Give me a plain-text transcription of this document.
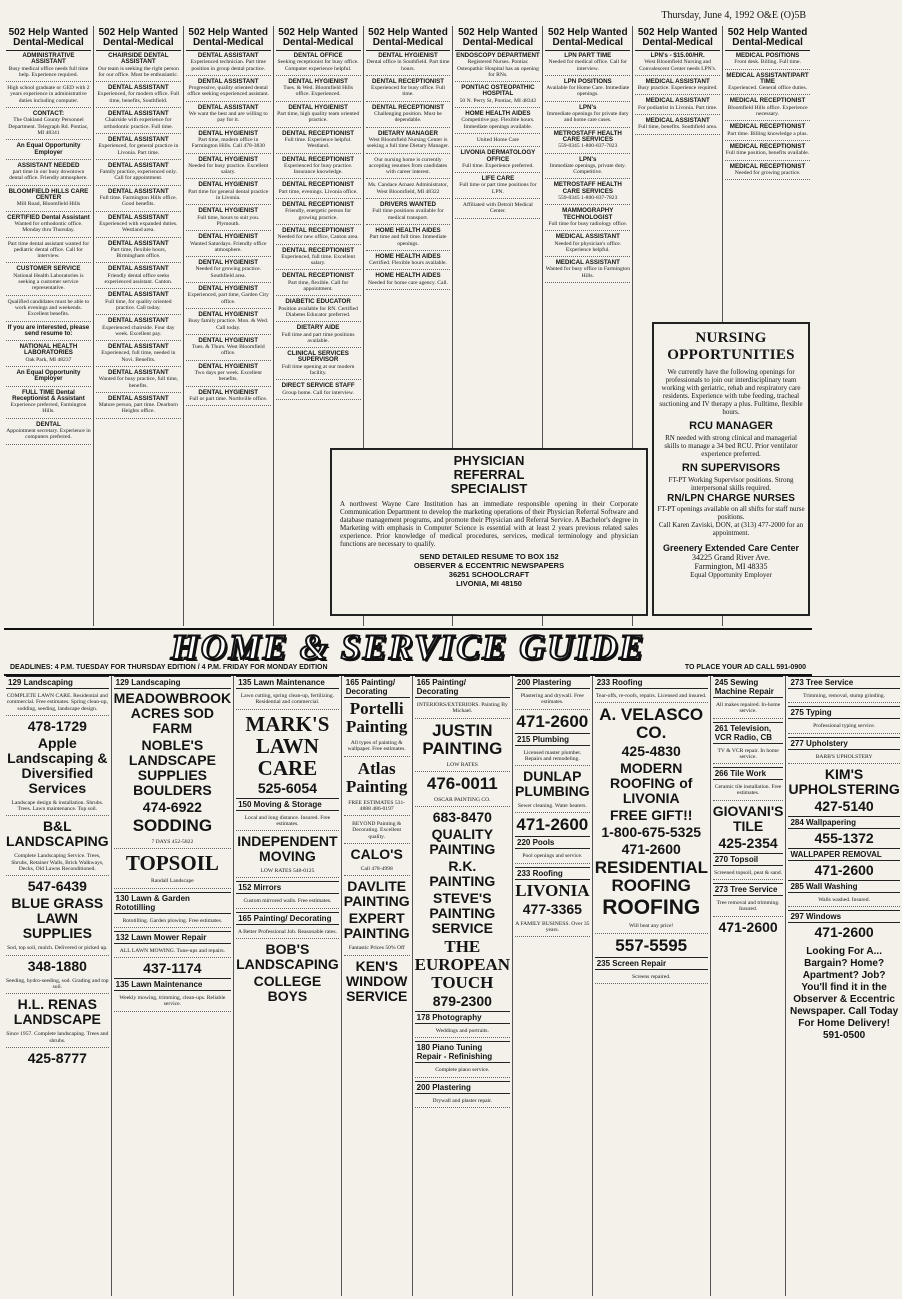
Thursday, June 4, 1992 O&E (O)5B
502 Help Wanted
Dental-Medical
ADMINISTRATIVE ASSISTANT
Busy medical office needs full time help. Experience required.
High school graduate or GED with 2 years experience in administrative duties including computer.
CONTACT:
The Oakland County Personnel Department. Telegraph Rd. Pontiac, MI 48341
An Equal Opportunity Employer
ASSISTANT NEEDED
part time in our busy downtown dental office. Friendly atmosphere.
BLOOMFIELD HILLS CARE CENTER
Mill Road, Bloomfield Hills
CERTIFIED Dental Assistant
Wanted for orthodontic office. Monday thru Thursday.
Part time dental assistant wanted for pediatric dental office. Call for interview.
CUSTOMER SERVICE
National Health Laboratories is seeking a customer service representative.
Qualified candidates must be able to work evenings and weekends. Excellent benefits.
If you are interested, please send resume to:
NATIONAL HEALTH LABORATORIES
Oak Park, MI 48237
An Equal Opportunity Employer
FULL TIME Dental Receptionist & Assistant
Experience preferred, Farmington Hills.
DENTAL
Appointment secretary. Experience in computers preferred.
502 Help Wanted
Dental-Medical
CHAIRSIDE DENTAL ASSISTANT
Our team is seeking the right person for our office. Must be enthusiastic.
DENTAL ASSISTANT
Experienced, for modern office. Full time, benefits, Southfield.
DENTAL ASSISTANT
Chairside with experience for orthodontic practice. Full time.
DENTAL ASSISTANT
Experienced, for general practice in Livonia. Part time.
DENTAL ASSISTANT
Family practice, experienced only. Call for appointment.
DENTAL ASSISTANT
Full time. Farmington Hills office. Good benefits.
DENTAL ASSISTANT
Experienced with expanded duties. Westland area.
DENTAL ASSISTANT
Part time, flexible hours, Birmingham office.
DENTAL ASSISTANT
Friendly dental office seeks experienced assistant. Canton.
DENTAL ASSISTANT
Full time, for quality oriented practice. Call today.
DENTAL ASSISTANT
Experienced chairside. Four day week. Excellent pay.
DENTAL ASSISTANT
Experienced, full time, needed in Novi. Benefits.
DENTAL ASSISTANT
Wanted for busy practice, full time, benefits.
DENTAL ASSISTANT
Mature person, part time. Dearborn Heights office.
502 Help Wanted
Dental-Medical
DENTAL ASSISTANT
Experienced technician. Part time position in group dental practice.
DENTAL ASSISTANT
Progressive, quality oriented dental office seeking experienced assistant.
DENTAL ASSISTANT
We want the best and are willing to pay for it.
DENTAL HYGIENIST
Part time, modern office in Farmington Hills. Call 478-3830
DENTAL HYGIENIST
Needed for busy practice. Excellent salary.
DENTAL HYGIENIST
Part time for general dental practice in Livonia.
DENTAL HYGIENIST
Full time, hours to suit you. Plymouth.
DENTAL HYGIENIST
Wanted Saturdays. Friendly office atmosphere.
DENTAL HYGIENIST
Needed for growing practice. Southfield area.
DENTAL HYGIENIST
Experienced, part time, Garden City office.
DENTAL HYGIENIST
Busy family practice. Mon. & Wed. Call today.
DENTAL HYGIENIST
Tues. & Thurs. West Bloomfield office.
DENTAL HYGIENIST
Two days per week. Excellent benefits.
DENTAL HYGIENIST
Full or part time. Northville office.
502 Help Wanted
Dental-Medical
DENTAL OFFICE
Seeking receptionist for busy office. Computer experience helpful.
DENTAL HYGIENIST
Tues. & Wed. Bloomfield Hills office. Experienced.
DENTAL HYGIENIST
Part time, high quality team oriented practice.
DENTAL RECEPTIONIST
Full time. Experience helpful. Westland.
DENTAL RECEPTIONIST
Experienced for busy practice. Insurance knowledge.
DENTAL RECEPTIONIST
Part time, evenings. Livonia office.
DENTAL RECEPTIONIST
Friendly, energetic person for growing practice.
DENTAL RECEPTIONIST
Needed for new office, Canton area.
DENTAL RECEPTIONIST
Experienced, full time. Excellent salary.
DENTAL RECEPTIONIST
Part time, flexible. Call for appointment.
DIABETIC EDUCATOR
Position available for RN. Certified Diabetes Educator preferred.
DIETARY AIDE
Full time and part time positions available.
CLINICAL SERVICES SUPERVISOR
Full time opening at our modern facility.
DIRECT SERVICE STAFF
Group home. Call for interview.
502 Help Wanted
Dental-Medical
DENTAL HYGIENIST
Dental office in Southfield. Part time hours.
DENTAL RECEPTIONIST
Experienced for busy office. Full time.
DENTAL RECEPTIONIST
Challenging position. Must be dependable.
DIETARY MANAGER
West Bloomfield Nursing Center is seeking a full time Dietary Manager.
Our nursing home is currently accepting resumes from candidates with career interest.
Ms. Candace Arnaez Administrator, West Bloomfield, MI 48322
DRIVERS WANTED
Full time positions available for medical transport.
HOME HEALTH AIDES
Part time and full time. Immediate openings.
HOME HEALTH AIDES
Certified. Flexible hours available.
HOME HEALTH AIDES
Needed for home care agency. Call.
502 Help Wanted
Dental-Medical
ENDOSCOPY DEPARTMENT
Registered Nurses. Pontiac Osteopathic Hospital has an opening for RNs.
PONTIAC OSTEOPATHIC HOSPITAL
50 N. Perry St, Pontiac, MI 48342
HOME HEALTH AIDES
Competitive pay. Flexible hours. Immediate openings available.
United Home Care
LIVONIA DERMATOLOGY OFFICE
Full time. Experience preferred.
LIFE CARE
Full time or part time positions for LPN.
Affiliated with Detroit Medical Center.
502 Help Wanted
Dental-Medical
LPN PART TIME
Needed for medical office. Call for interview.
LPN POSITIONS
Available for Home Care. Immediate openings.
LPN's
Immediate openings for private duty and home care cases.
METROSTAFF HEALTH CARE SERVICES
559-0345 1-800-837-7823
LPN's
Immediate openings, private duty. Competitive.
METROSTAFF HEALTH CARE SERVICES
559-0345 1-800-837-7823
MAMMOGRAPHY TECHNOLOGIST
Full time for busy radiology office.
MEDICAL ASSISTANT
Needed for physician's office. Experience helpful.
MEDICAL ASSISTANT
Wanted for busy office in Farmington Hills.
502 Help Wanted
Dental-Medical
LPN's - $15.00/HR.
West Bloomfield Nursing and Convalescent Center needs LPN's.
MEDICAL ASSISTANT
Busy practice. Experience required.
MEDICAL ASSISTANT
For podiatrist in Livonia. Part time.
MEDICAL ASSISTANT
Full time, benefits. Southfield area.
502 Help Wanted
Dental-Medical
MEDICAL POSITIONS
Front desk. Billing. Full time.
MEDICAL ASSISTANT/PART TIME
Experienced. General office duties.
MEDICAL RECEPTIONIST
Bloomfield Hills office. Experience necessary.
MEDICAL RECEPTIONIST
Part time. Billing knowledge a plus.
MEDICAL RECEPTIONIST
Full time position, benefits available.
MEDICAL RECEPTIONIST
Needed for growing practice.
PHYSICIAN
REFERRAL
SPECIALIST
A northwest Wayne Care Institution has an immediate responsible opening in their Corporate Communication Department to develop the marketing operations of their Physician Referral Software and database management programs, and promote their Physician and Referral Service. A Bachelor's degree in Marketing with emphasis in Computer Science is essential with at least 2 years previous related sales experience. Prior knowledge of medical procedures, services, medical terminology and physician functions are necessary to qualify.
SEND DETAILED RESUME TO BOX 152
OBSERVER & ECCENTRIC NEWSPAPERS
36251 SCHOOLCRAFT
LIVONIA, MI 48150
NURSING OPPORTUNITIES
We currently have the following openings for professionals to join our interdisciplinary team working with geriatric, rehab and respiratory care residents. Experience with tube feeding, tracheal suctioning and IV therapy a plus. Fulltime, flexible hours.
RCU MANAGER
RN needed with strong clinical and managerial skills to manage a 34 bed RCU. Prior ventilator experience preferred.
RN SUPERVISORS
FT-PT Working Supervisor positions. Strong interpersonal skills required.
RN/LPN CHARGE NURSES
FT-PT openings available on all shifts for staff nurse positions.
Call Karen Zaviski, DON, at (313) 477-2000 for an appointment.
Greenery Extended Care Center
34225 Grand River Ave.
Farmington, MI 48335
Equal Opportunity Employer
HOME & SERVICE GUIDE
DEADLINES: 4 P.M. TUESDAY FOR THURSDAY EDITION / 4 P.M. FRIDAY FOR MONDAY EDITION	TO PLACE YOUR AD CALL 591-0900
129 Landscaping
COMPLETE LAWN CARE. Residential and commercial. Free estimates. Spring clean-up, sodding, seeding, landscape design.
478-1729
Apple Landscaping & Diversified Services
Landscape design & installation. Shrubs. Trees. Lawn maintenance. Top soil.
B&L LANDSCAPING
Complete Landscaping Service. Trees, Shrubs, Retainer Walls, Brick Walkways, Decks, Old Lawns Reconditioned.
547-6439
BLUE GRASS LAWN SUPPLIES
Sod, top soil, mulch. Delivered or picked up.
348-1880
Seeding, hydro-seeding, sod. Grading and top soil.
H.L. RENAS LANDSCAPE
Since 1957. Complete landscaping. Trees and shrubs.
425-8777
129 Landscaping
MEADOWBROOK ACRES SOD FARM
NOBLE'S LANDSCAPE SUPPLIES BOULDERS
474-6922
SODDING
7 DAYS 452-5822
TOPSOIL
Randall Landscape
130 Lawn & Garden Rototilling
Rototilling. Garden plowing. Free estimates.
132 Lawn Mower Repair
ALL LAWN MOWING. Tune-ups and repairs.
437-1174
135 Lawn Maintenance
Weekly mowing, trimming, clean-ups. Reliable service.
135 Lawn Maintenance
Lawn cutting, spring clean-up, fertilizing. Residential and commercial.
MARK'S LAWN CARE
525-6054
150 Moving & Storage
Local and long distance. Insured. Free estimates.
INDEPENDENT MOVING
LOW RATES 548-0125
152 Mirrors
Custom mirrored walls. Free estimates.
165 Painting/ Decorating
A Better Professional Job. Reasonable rates.
BOB'S LANDSCAPING
COLLEGE BOYS
165 Painting/ Decorating
Portelli Painting
All types of painting & wallpaper. Free estimates.
Atlas Painting
FREE ESTIMATES 531-4888 486-0197
BEYOND Painting & Decorating. Excellent quality.
CALO'S
Call 478-4998
DAVLITE PAINTING
EXPERT PAINTING
Fantastic Prices 50% Off
KEN'S WINDOW SERVICE
165 Painting/ Decorating
INTERIORS/EXTERIORS. Painting By Michael.
JUSTIN PAINTING
LOW RATES
476-0011
OSCAR PAINTING CO.
683-8470
QUALITY PAINTING
R.K. PAINTING
STEVE'S PAINTING SERVICE
THE EUROPEAN TOUCH
879-2300
178 Photography
Weddings and portraits.
180 Piano Tuning Repair - Refinishing
Complete piano service.
200 Plastering
Drywall and plaster repair.
200 Plastering
Plastering and drywall. Free estimates.
471-2600
215 Plumbing
Licensed master plumber. Repairs and remodeling.
DUNLAP PLUMBING
Sewer cleaning. Water heaters.
471-2600
220 Pools
Pool openings and service.
233 Roofing
LIVONIA
477-3365
A FAMILY BUSINESS. Over 35 years.
233 Roofing
Tear-offs, re-roofs, repairs. Licensed and insured.
A. VELASCO CO.
425-4830
MODERN ROOFING of LIVONIA
FREE GIFT!!
1-800-675-5325
471-2600
RESIDENTIAL ROOFING
ROOFING
Will beat any price!
557-5595
235 Screen Repair
Screens repaired.
245 Sewing Machine Repair
All makes repaired. In-home service.
261 Television, VCR Radio, CB
TV & VCR repair. In home service.
266 Tile Work
Ceramic tile installation. Free estimates.
GIOVANI'S TILE
425-2354
270 Topsoil
Screened topsoil, peat & sand.
273 Tree Service
Tree removal and trimming. Insured.
471-2600
273 Tree Service
Trimming, removal, stump grinding.
275 Typing
Professional typing service.
277 Upholstery
BARB'S UPHOLSTERY
KIM'S UPHOLSTERING
427-5140
284 Wallpapering
455-1372
WALLPAPER REMOVAL
471-2600
285 Wall Washing
Walls washed. Insured.
297 Windows
471-2600
Looking For A... Bargain? Home? Apartment? Job? You'll find it in the Observer & Eccentric Newspaper. Call Today For Home Delivery! 591-0500
